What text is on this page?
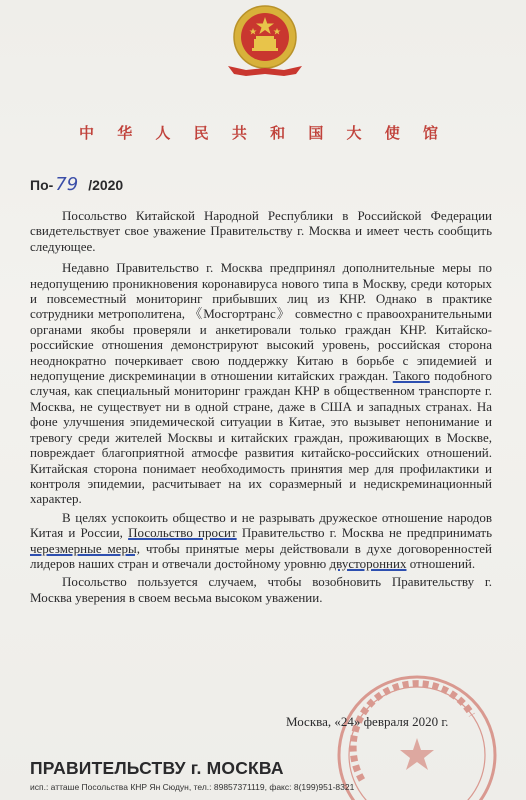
中 华 人 民 共 和 国 大 使 馆
По- 79 /2020

Посольство Китайской Народной Республики в Российской Федерации свидетельствует свое уважение Правительству г. Москва и имеет честь сообщить следующее.

Недавно Правительство г. Москва предпринял дополнительные меры по недопущению проникновения коронавируса нового типа в Москву, среди которых и повсеместный мониторинг прибывших лиц из КНР. Однако в практике сотрудники метрополитена, 《Мосгортранс》 совместно с правоохранительными органами якобы проверяли и анкетировали только граждан КНР. Китайско-российские отношения демонстрируют высокий уровень, российская сторона неоднократно почеркивает свою поддержку Китаю в борьбе с эпидемией и недопущение дискреминации в отношении китайских граждан. Такого подобного случая, как специальный мониторинг граждан КНР в общественном транспорте г. Москва, не существует ни в одной стране, даже в США и западных странах. На фоне улучшения эпидемической ситуации в Китае, это вызывет непонимание и тревогу среди жителей Москвы и китайских граждан, проживающих в Москве, повреждает благоприятной атмосфе развития китайско-российских отношений. Китайская сторона понимает необходимость принятия мер для профилактики и контроля эпидемии, расчитывает на их соразмерный и недискреминационный характер.

В целях успокоить общество и не разрывать дружеское отношение народов Китая и России, Посольство просит Правительство г. Москва не предпринимать черезмерные меры, чтобы принятые меры действовали в духе договоренностей лидеров наших стран и отвечали достойному уровню двусторонних отношений.

Посольство пользуется случаем, чтобы возобновить Правительству г. Москва уверения в своем весьма высоком уважении.

Москва, «24» февраля 2020 г.
ПРАВИТЕЛЬСТВУ г. МОСКВА
исп.: атташе Посольства КНР Ян Сюдун, тел.: 89857371119, факс: 8(199)951-8321
